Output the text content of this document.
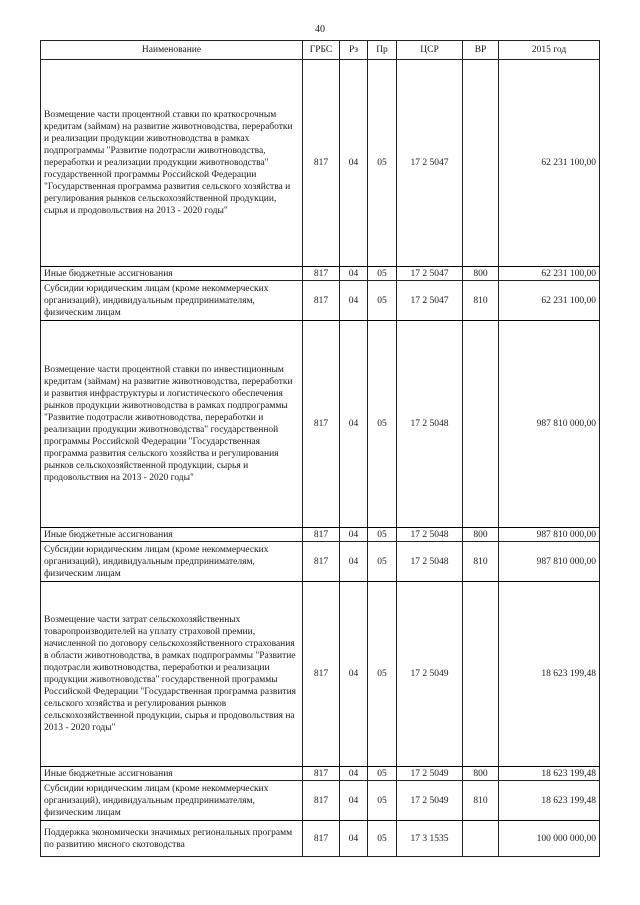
40
Наименование	ГРБС	Рз	Пр	ЦСР	ВР	2015 год
Возмещение части процентной ставки по краткосрочным кредитам (займам) на развитие животноводства, переработки и реализации продукции животноводства в рамках подпрограммы "Развитие подотрасли животноводства, переработки и реализации продукции животноводства" государственной программы Российской Федерации "Государственная программа развития сельского хозяйства и регулирования рынков сельскохозяйственной продукции, сырья и продовольствия на 2013 - 2020 годы"	817	04	05	17 2 5047		62 231 100,00
Иные бюджетные ассигнования	817	04	05	17 2 5047	800	62 231 100,00
Субсидии юридическим лицам (кроме некоммерческих организаций), индивидуальным предпринимателям, физическим лицам	817	04	05	17 2 5047	810	62 231 100,00
Возмещение части процентной ставки по инвестиционным кредитам (займам) на развитие животноводства, переработки и развития инфраструктуры и логистического обеспечения рынков продукции животноводства в рамках подпрограммы "Развитие подотрасли животноводства, переработки и реализации продукции животноводства" государственной программы Российской Федерации "Государственная программа развития сельского хозяйства и регулирования рынков сельскохозяйственной продукции, сырья и продовольствия на 2013 - 2020 годы"	817	04	05	17 2 5048		987 810 000,00
Иные бюджетные ассигнования	817	04	05	17 2 5048	800	987 810 000,00
Субсидии юридическим лицам (кроме некоммерческих организаций), индивидуальным предпринимателям, физическим лицам	817	04	05	17 2 5048	810	987 810 000,00
Возмещение части затрат сельскохозяйственных товаропроизводителей на уплату страховой премии, начисленной по договору сельскохозяйственного страхования в области животноводства, в рамках подпрограммы "Развитие подотрасли животноводства, переработки и реализации продукции животноводства" государственной программы Российской Федерации "Государственная программа развития сельского хозяйства и регулирования рынков сельскохозяйственной продукции, сырья и продовольствия на 2013 - 2020 годы"	817	04	05	17 2 5049		18 623 199,48
Иные бюджетные ассигнования	817	04	05	17 2 5049	800	18 623 199,48
Субсидии юридическим лицам (кроме некоммерческих организаций), индивидуальным предпринимателям, физическим лицам	817	04	05	17 2 5049	810	18 623 199,48
Поддержка экономически значимых региональных программ по развитию мясного скотоводства	817	04	05	17 3 1535		100 000 000,00
